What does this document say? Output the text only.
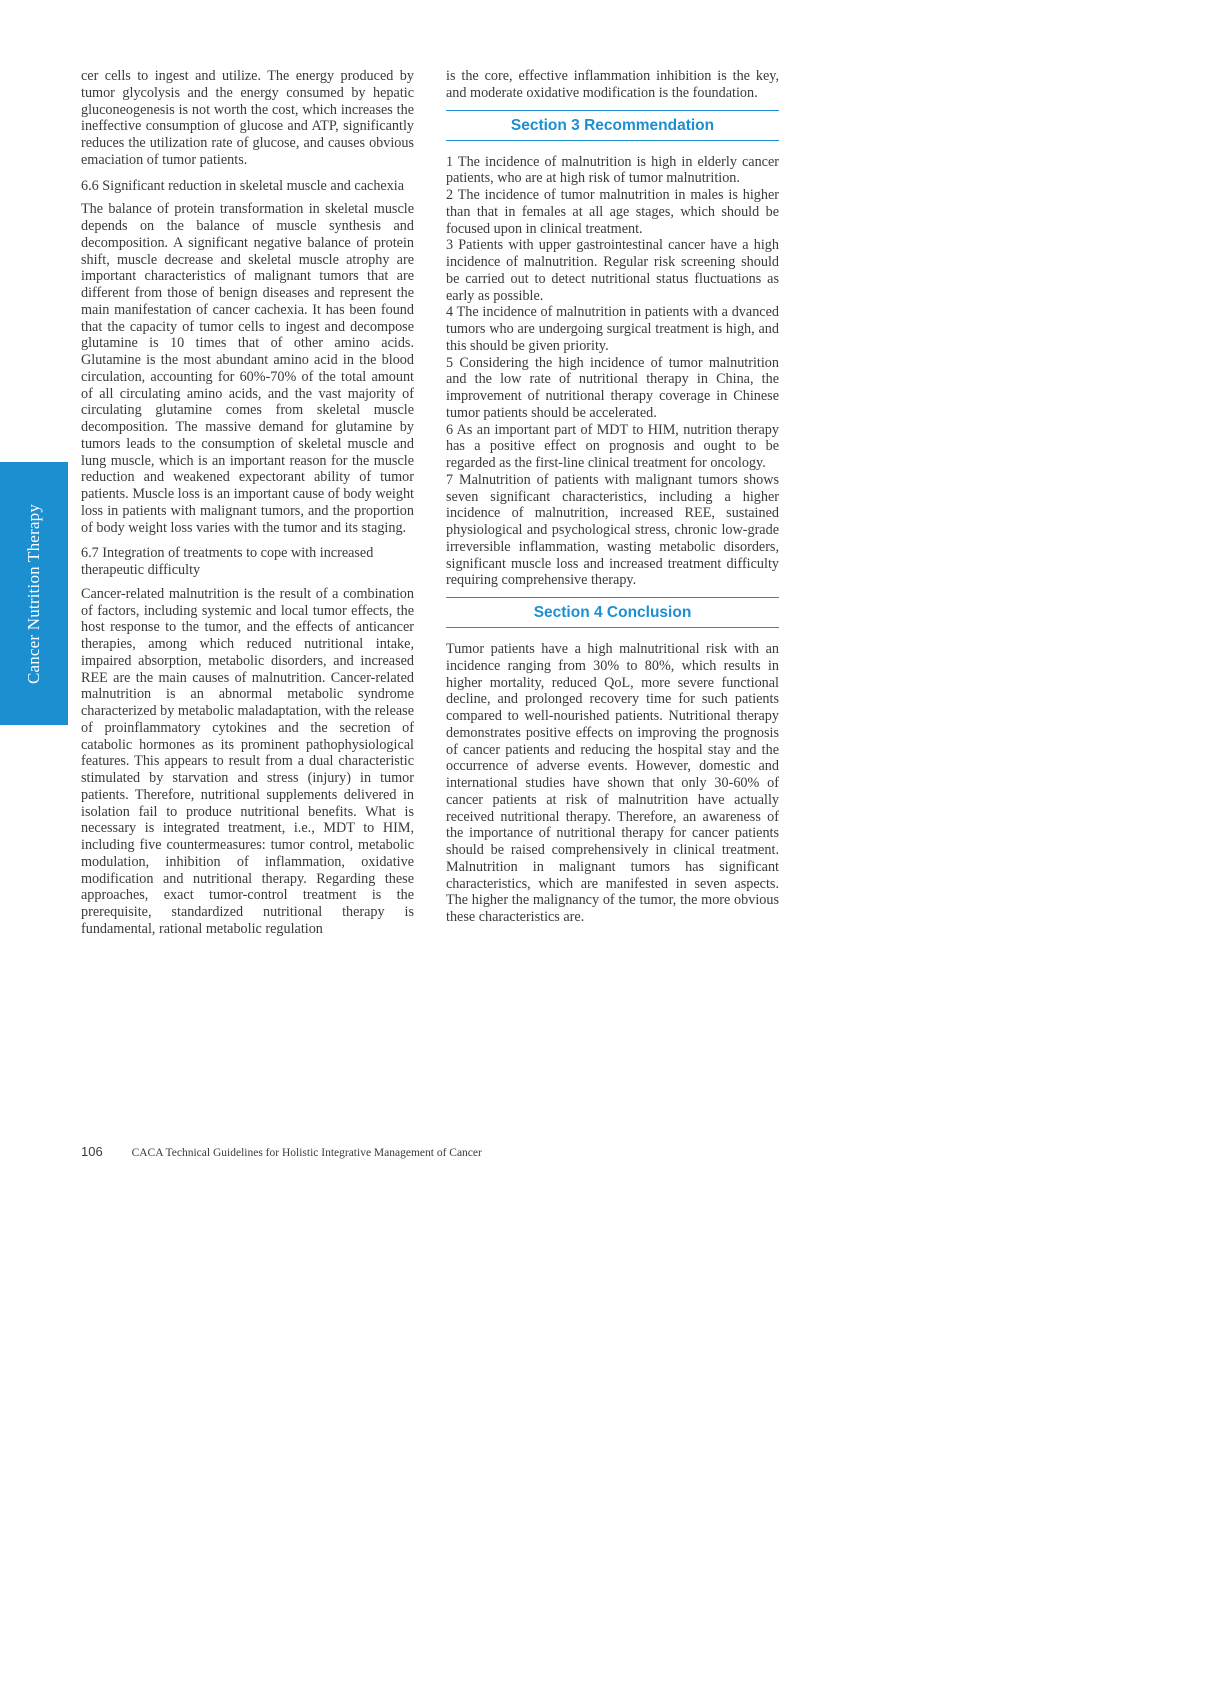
Cancer Nutrition Therapy

cer cells to ingest and utilize. The energy produced by tumor glycolysis and the energy consumed by hepatic gluconeogenesis is not worth the cost, which increases the ineffective consumption of glucose and ATP, significantly reduces the utilization rate of glucose, and causes obvious emaciation of tumor patients.

6.6 Significant reduction in skeletal muscle and cachexia

The balance of protein transformation in skeletal muscle depends on the balance of muscle synthesis and decomposition. A significant negative balance of protein shift, muscle decrease and skeletal muscle atrophy are important characteristics of malignant tumors that are different from those of benign diseases and represent the main manifestation of cancer cachexia. It has been found that the capacity of tumor cells to ingest and decompose glutamine is 10 times that of other amino acids. Glutamine is the most abundant amino acid in the blood circulation, accounting for 60%-70% of the total amount of all circulating amino acids, and the vast majority of circulating glutamine comes from skeletal muscle decomposition. The massive demand for glutamine by tumors leads to the consumption of skeletal muscle and lung muscle, which is an important reason for the muscle reduction and weakened expectorant ability of tumor patients. Muscle loss is an important cause of body weight loss in patients with malignant tumors, and the proportion of body weight loss varies with the tumor and its staging.

6.7 Integration of treatments to cope with increased therapeutic difficulty

Cancer-related malnutrition is the result of a combination of factors, including systemic and local tumor effects, the host response to the tumor, and the effects of anticancer therapies, among which reduced nutritional intake, impaired absorption, metabolic disorders, and increased REE are the main causes of malnutrition. Cancer-related malnutrition is an abnormal metabolic syndrome characterized by metabolic maladaptation, with the release of proinflammatory cytokines and the secretion of catabolic hormones as its prominent pathophysiological features. This appears to result from a dual characteristic stimulated by starvation and stress (injury) in tumor patients. Therefore, nutritional supplements delivered in isolation fail to produce nutritional benefits. What is necessary is integrated treatment, i.e., MDT to HIM, including five countermeasures: tumor control, metabolic modulation, inhibition of inflammation, oxidative modification and nutritional therapy. Regarding these approaches, exact tumor-control treatment is the prerequisite, standardized nutritional therapy is fundamental, rational metabolic regulation

is the core, effective inflammation inhibition is the key, and moderate oxidative modification is the foundation.

Section 3 Recommendation

1 The incidence of malnutrition is high in elderly cancer patients, who are at high risk of tumor malnutrition.

2 The incidence of tumor malnutrition in males is higher than that in females at all age stages, which should be focused upon in clinical treatment.

3 Patients with upper gastrointestinal cancer have a high incidence of malnutrition. Regular risk screening should be carried out to detect nutritional status fluctuations as early as possible.

4 The incidence of malnutrition in patients with a dvanced tumors who are undergoing surgical treatment is high, and this should be given priority.

5 Considering the high incidence of tumor malnutrition and the low rate of nutritional therapy in China, the improvement of nutritional therapy coverage in Chinese tumor patients should be accelerated.

6 As an important part of MDT to HIM, nutrition therapy has a positive effect on prognosis and ought to be regarded as the first-line clinical treatment for oncology.

7 Malnutrition of patients with malignant tumors shows seven significant characteristics, including a higher incidence of malnutrition, increased REE, sustained physiological and psychological stress, chronic low-grade irreversible inflammation, wasting metabolic disorders, significant muscle loss and increased treatment difficulty requiring comprehensive therapy.

Section 4 Conclusion

Tumor patients have a high malnutritional risk with an incidence ranging from 30% to 80%, which results in higher mortality, reduced QoL, more severe functional decline, and prolonged recovery time for such patients compared to well-nourished patients. Nutritional therapy demonstrates positive effects on improving the prognosis of cancer patients and reducing the hospital stay and the occurrence of adverse events. However, domestic and international studies have shown that only 30-60% of cancer patients at risk of malnutrition have actually received nutritional therapy. Therefore, an awareness of the importance of nutritional therapy for cancer patients should be raised comprehensively in clinical treatment. Malnutrition in malignant tumors has significant characteristics, which are manifested in seven aspects. The higher the malignancy of the tumor, the more obvious these characteristics are.

106	CACA Technical Guidelines for Holistic Integrative Management of Cancer
